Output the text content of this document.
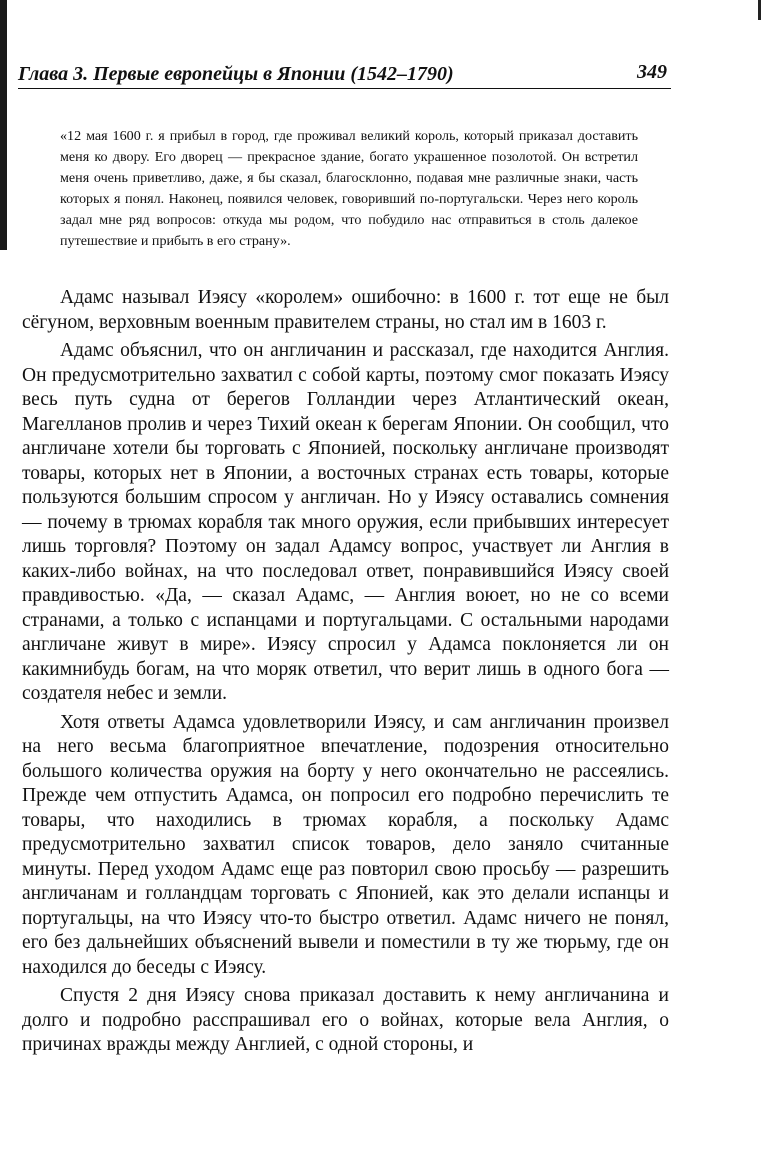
Глава 3. Первые европейцы в Японии (1542–1790)	349
«12 мая 1600 г. я прибыл в город, где проживал великий король, который приказал доставить меня ко двору. Его дворец — прекрасное здание, богато украшенное позолотой. Он встретил меня очень приветливо, даже, я бы сказал, благосклонно, подавая мне различные знаки, часть которых я понял. Наконец, появился человек, говоривший по-португальски. Через него король задал мне ряд вопросов: откуда мы родом, что побудило нас отправиться в столь далекое путешествие и прибыть в его страну».

Адамс называл Иэясу «королем» ошибочно: в 1600 г. тот еще не был сёгуном, верховным военным правителем страны, но стал им в 1603 г.

Адамс объяснил, что он англичанин и рассказал, где находится Англия. Он предусмотрительно захватил с собой карты, поэтому смог показать Иэясу весь путь судна от берегов Голландии через Атлантический океан, Магелланов пролив и через Тихий океан к берегам Японии. Он сообщил, что англичане хотели бы торговать с Японией, поскольку англичане производят товары, которых нет в Японии, а восточных странах есть товары, которые пользуются большим спросом у англичан. Но у Иэясу оставались сомнения — почему в трюмах корабля так много оружия, если прибывших интересует лишь торговля? Поэтому он задал Адамсу вопрос, участвует ли Англия в каких-либо войнах, на что последовал ответ, понравившийся Иэясу своей правдивостью. «Да, — сказал Адамс, — Англия воюет, но не со всеми странами, а только с испанцами и португальцами. С остальными народами англичане живут в мире». Иэясу спросил у Адамса поклоняется ли он какимнибудь богам, на что моряк ответил, что верит лишь в одного бога — создателя небес и земли.

Хотя ответы Адамса удовлетворили Иэясу, и сам англичанин произвел на него весьма благоприятное впечатление, подозрения относительно большого количества оружия на борту у него окончательно не рассеялись. Прежде чем отпустить Адамса, он попросил его подробно перечислить те товары, что находились в трюмах корабля, а поскольку Адамс предусмотрительно захватил список товаров, дело заняло считанные минуты. Перед уходом Адамс еще раз повторил свою просьбу — разрешить англичанам и голландцам торговать с Японией, как это делали испанцы и португальцы, на что Иэясу что-то быстро ответил. Адамс ничего не понял, его без дальнейших объяснений вывели и поместили в ту же тюрьму, где он находился до беседы с Иэясу.

Спустя 2 дня Иэясу снова приказал доставить к нему англичанина и долго и подробно расспрашивал его о войнах, которые вела Англия, о причинах вражды между Англией, с одной стороны, и
